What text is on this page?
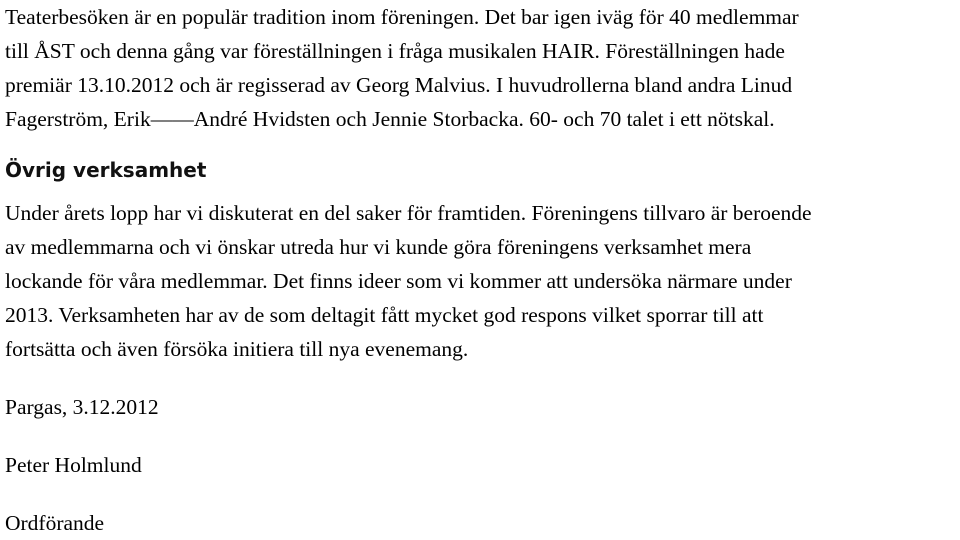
Teaterbesöken är en populär tradition inom föreningen. Det bar igen iväg för 40 medlemmar
till ÅST och denna gång var föreställningen i fråga musikalen HAIR. Föreställningen hade
premiär 13.10.2012 och är regisserad av Georg Malvius. I huvudrollerna bland andra Linud
Fagerström, Erik——André Hvidsten och Jennie Storbacka. 60- och 70 talet i ett nötskal.
Övrig verksamhet
Under årets lopp har vi diskuterat en del saker för framtiden. Föreningens tillvaro är beroende
av medlemmarna och vi önskar utreda hur vi kunde göra föreningens verksamhet mera
lockande för våra medlemmar. Det finns ideer som vi kommer att undersöka närmare under
2013. Verksamheten har av de som deltagit fått mycket god respons vilket sporrar till att
fortsätta och även försöka initiera till nya evenemang.
Pargas, 3.12.2012
Peter Holmlund
Ordförande
